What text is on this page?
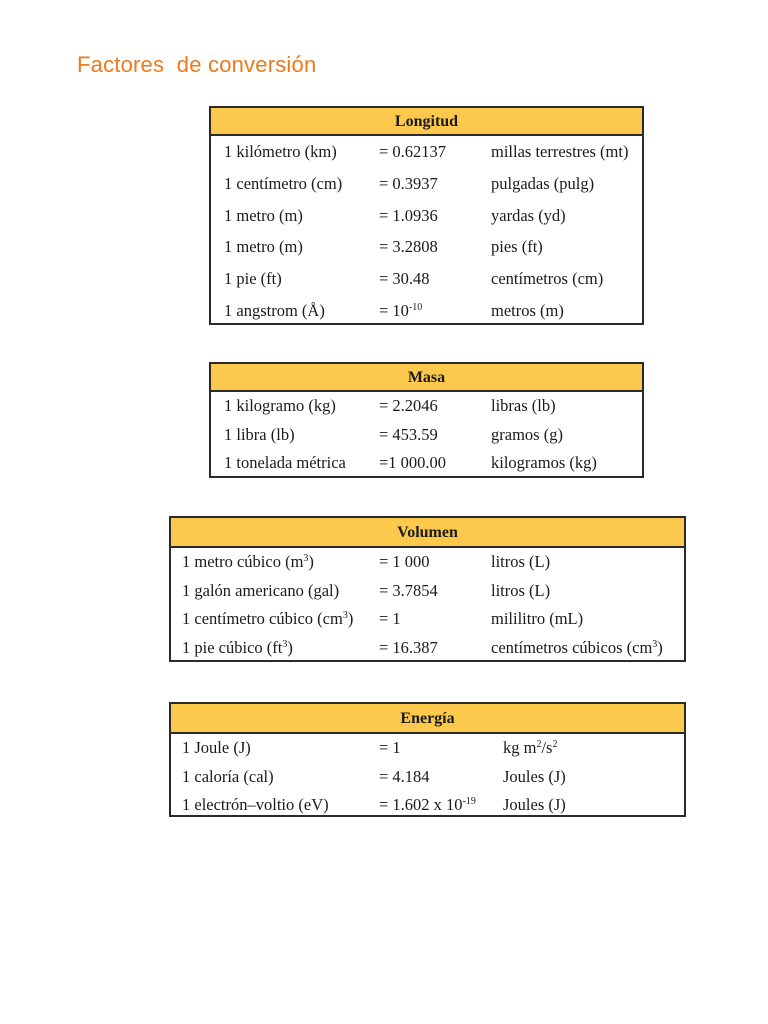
Factores  de conversión
Longitud
1 kilómetro (km)	= 0.62137	millas terrestres (mt)
1 centímetro (cm) = 0.3937	pulgadas (pulg)
1 metro (m)	= 1.0936	yardas (yd)
1 metro (m)	= 3.2808	pies (ft)
1 pie (ft)	= 30.48	centímetros (cm)
1 angstrom (Å)	= $10^{-10}$	metros (m)
Masa
1 kilogramo (kg)	= 2.2046	libras (lb)
1 libra (lb)	= 453.59	gramos (g)
1 tonelada métrica =1 000.00	kilogramos (kg)
Volumen
1 metro cúbico $(m^3)$	= 1 000	litros (L)
1 galón americano (gal) = 3.7854	litros (L)
1 centímetro cúbico $(cm^3) = 1$	mililitro (mL)
1 pie cúbico $(ft^3)$	= 16.387	centímetros cúbicos $(cm^3)$
Energía
1 Joule (J)	= 1	kg $m^2/s^2$
1 caloría (cal)	= 4.184	Joules (J)
1 electrón–voltio (eV)	= 1.602 x $10^{-19}$ Joules (J)
